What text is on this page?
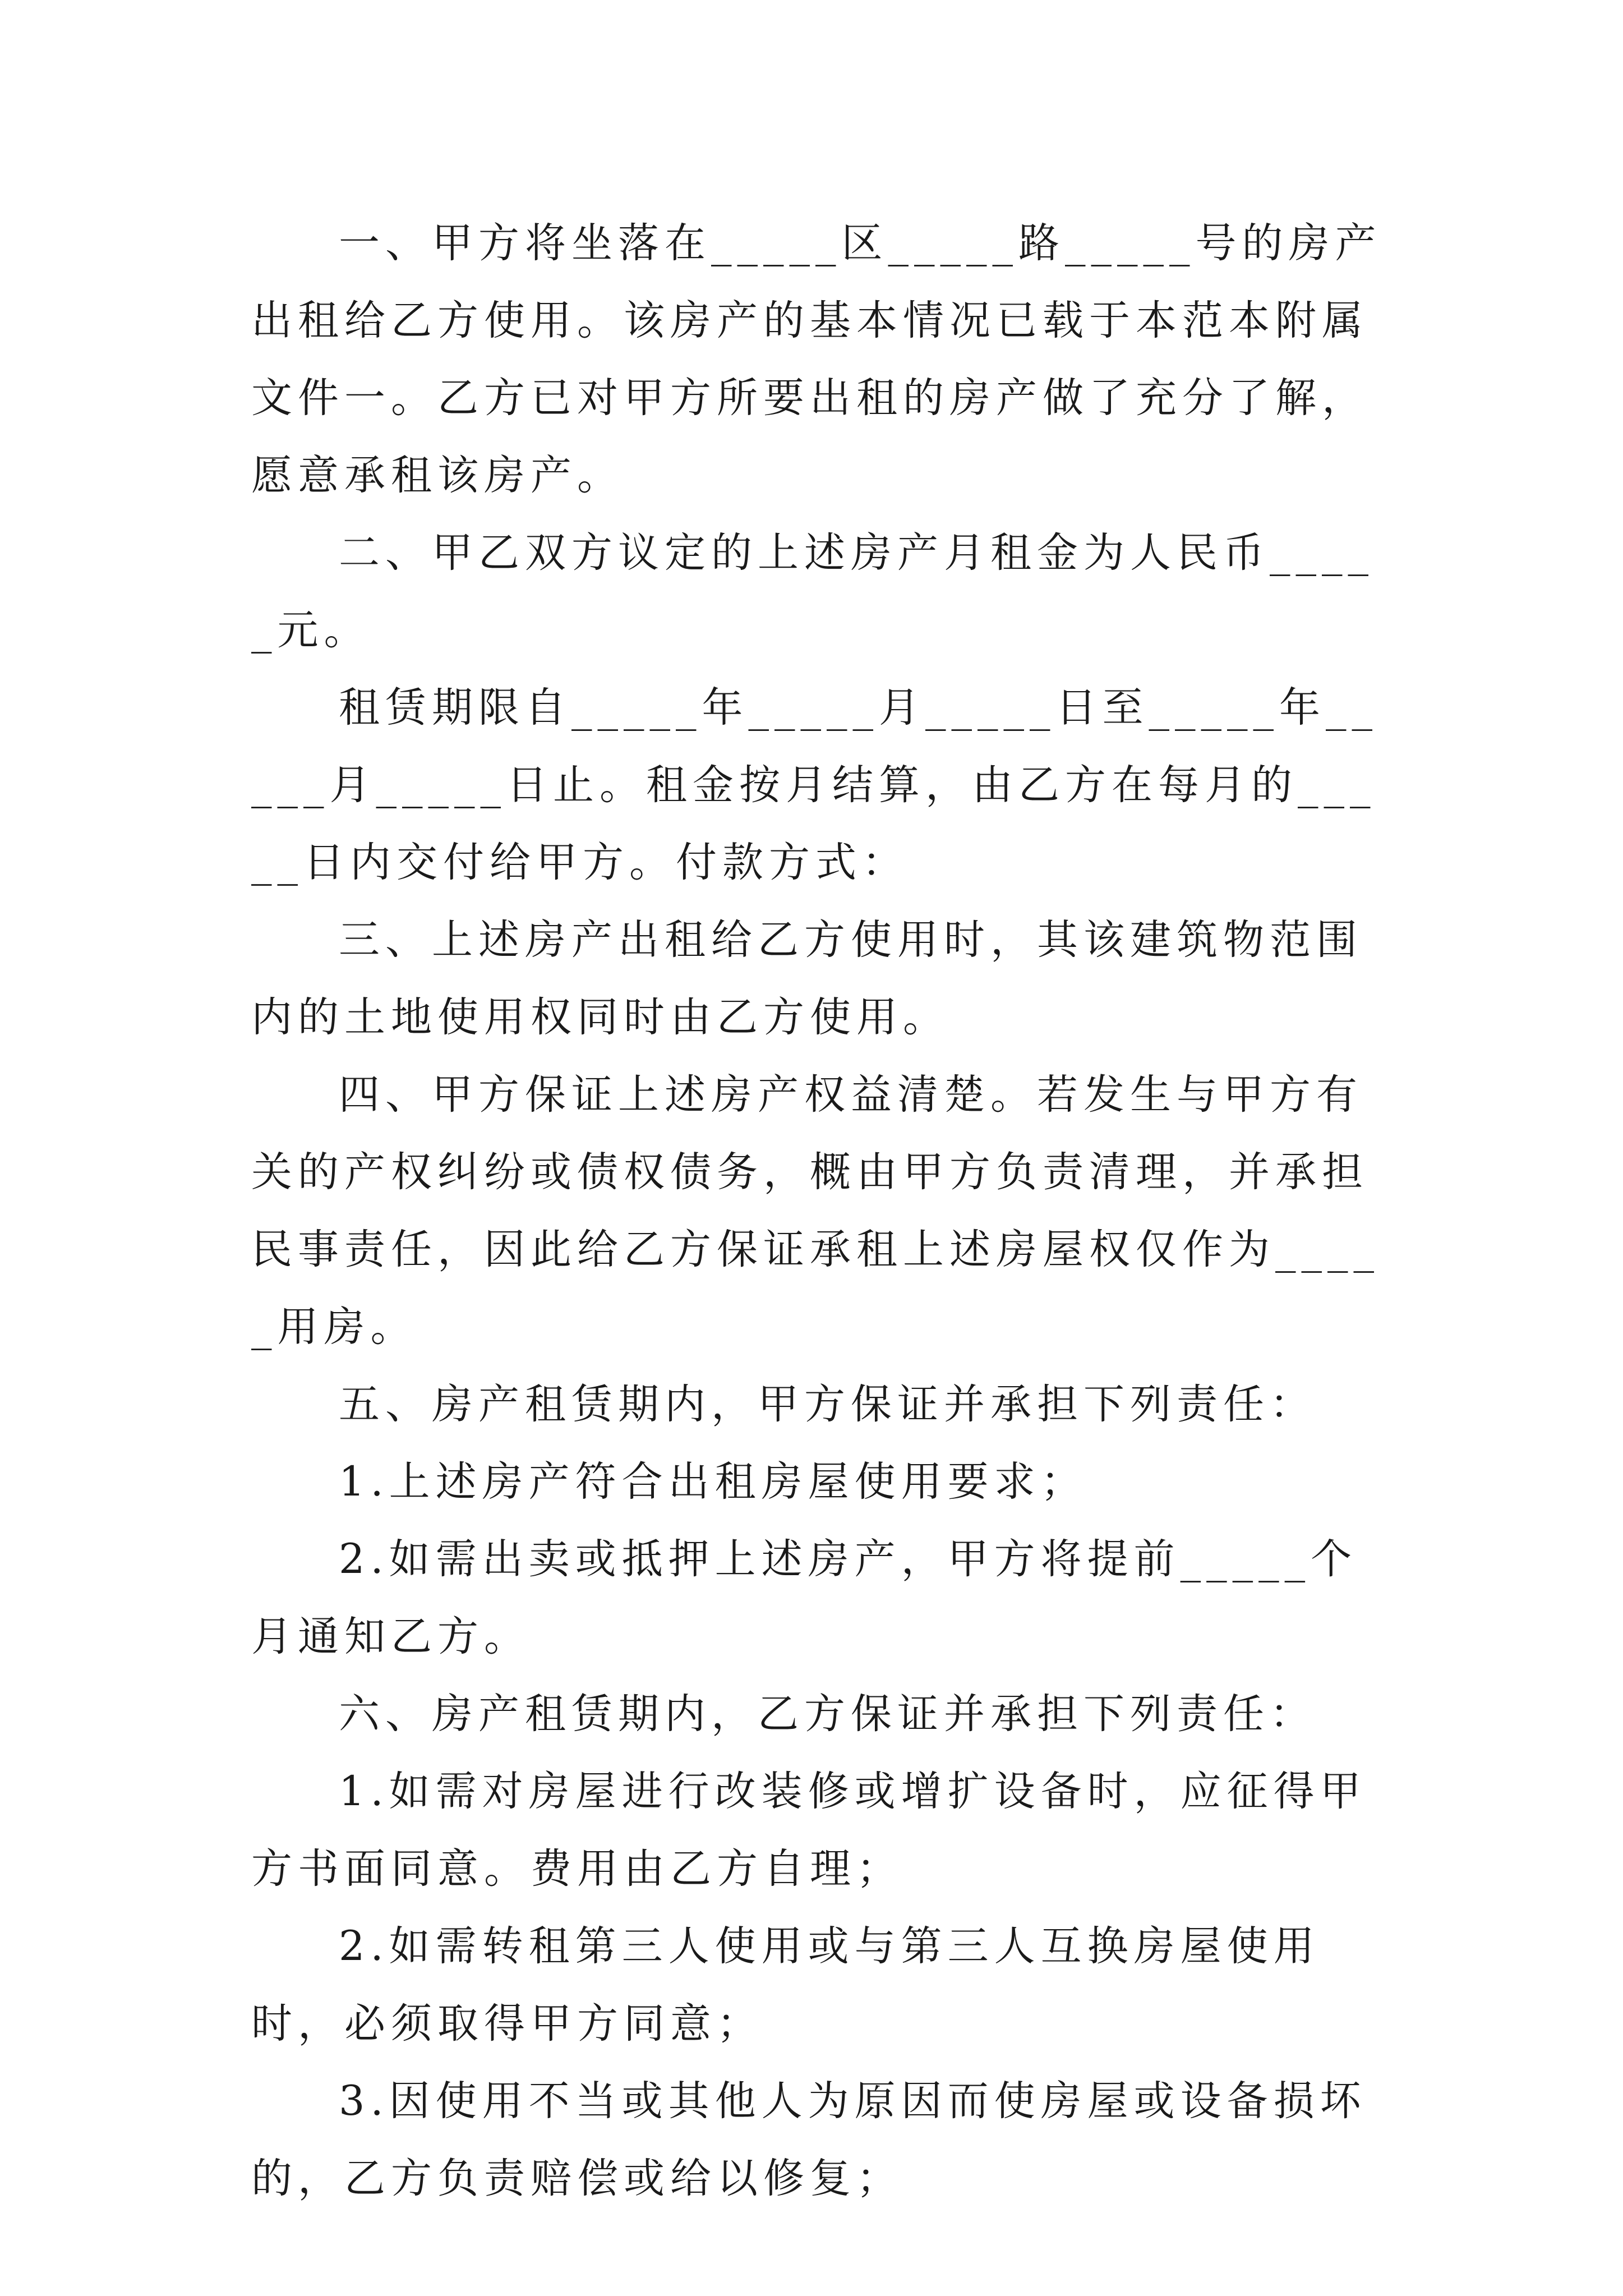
一、甲方将坐落在_____区_____路_____号的房产出租给乙方使用。该房产的基本情况已载于本范本附属文件一。乙方已对甲方所要出租的房产做了充分了解，愿意承租该房产。

二、甲乙双方议定的上述房产月租金为人民币_____元。

租赁期限自_____年_____月_____日至_____年_____月_____日止。租金按月结算，由乙方在每月的_____日内交付给甲方。付款方式：

三、上述房产出租给乙方使用时，其该建筑物范围内的土地使用权同时由乙方使用。

四、甲方保证上述房产权益清楚。若发生与甲方有关的产权纠纷或债权债务，概由甲方负责清理，并承担民事责任，因此给乙方保证承租上述房屋权仅作为_____用房。

五、房产租赁期内，甲方保证并承担下列责任：

1.上述房产符合出租房屋使用要求；

2.如需出卖或抵押上述房产，甲方将提前_____个月通知乙方。

六、房产租赁期内，乙方保证并承担下列责任：

1.如需对房屋进行改装修或增扩设备时，应征得甲方书面同意。费用由乙方自理；

2.如需转租第三人使用或与第三人互换房屋使用时，必须取得甲方同意；

3.因使用不当或其他人为原因而使房屋或设备损坏的，乙方负责赔偿或给以修复；
